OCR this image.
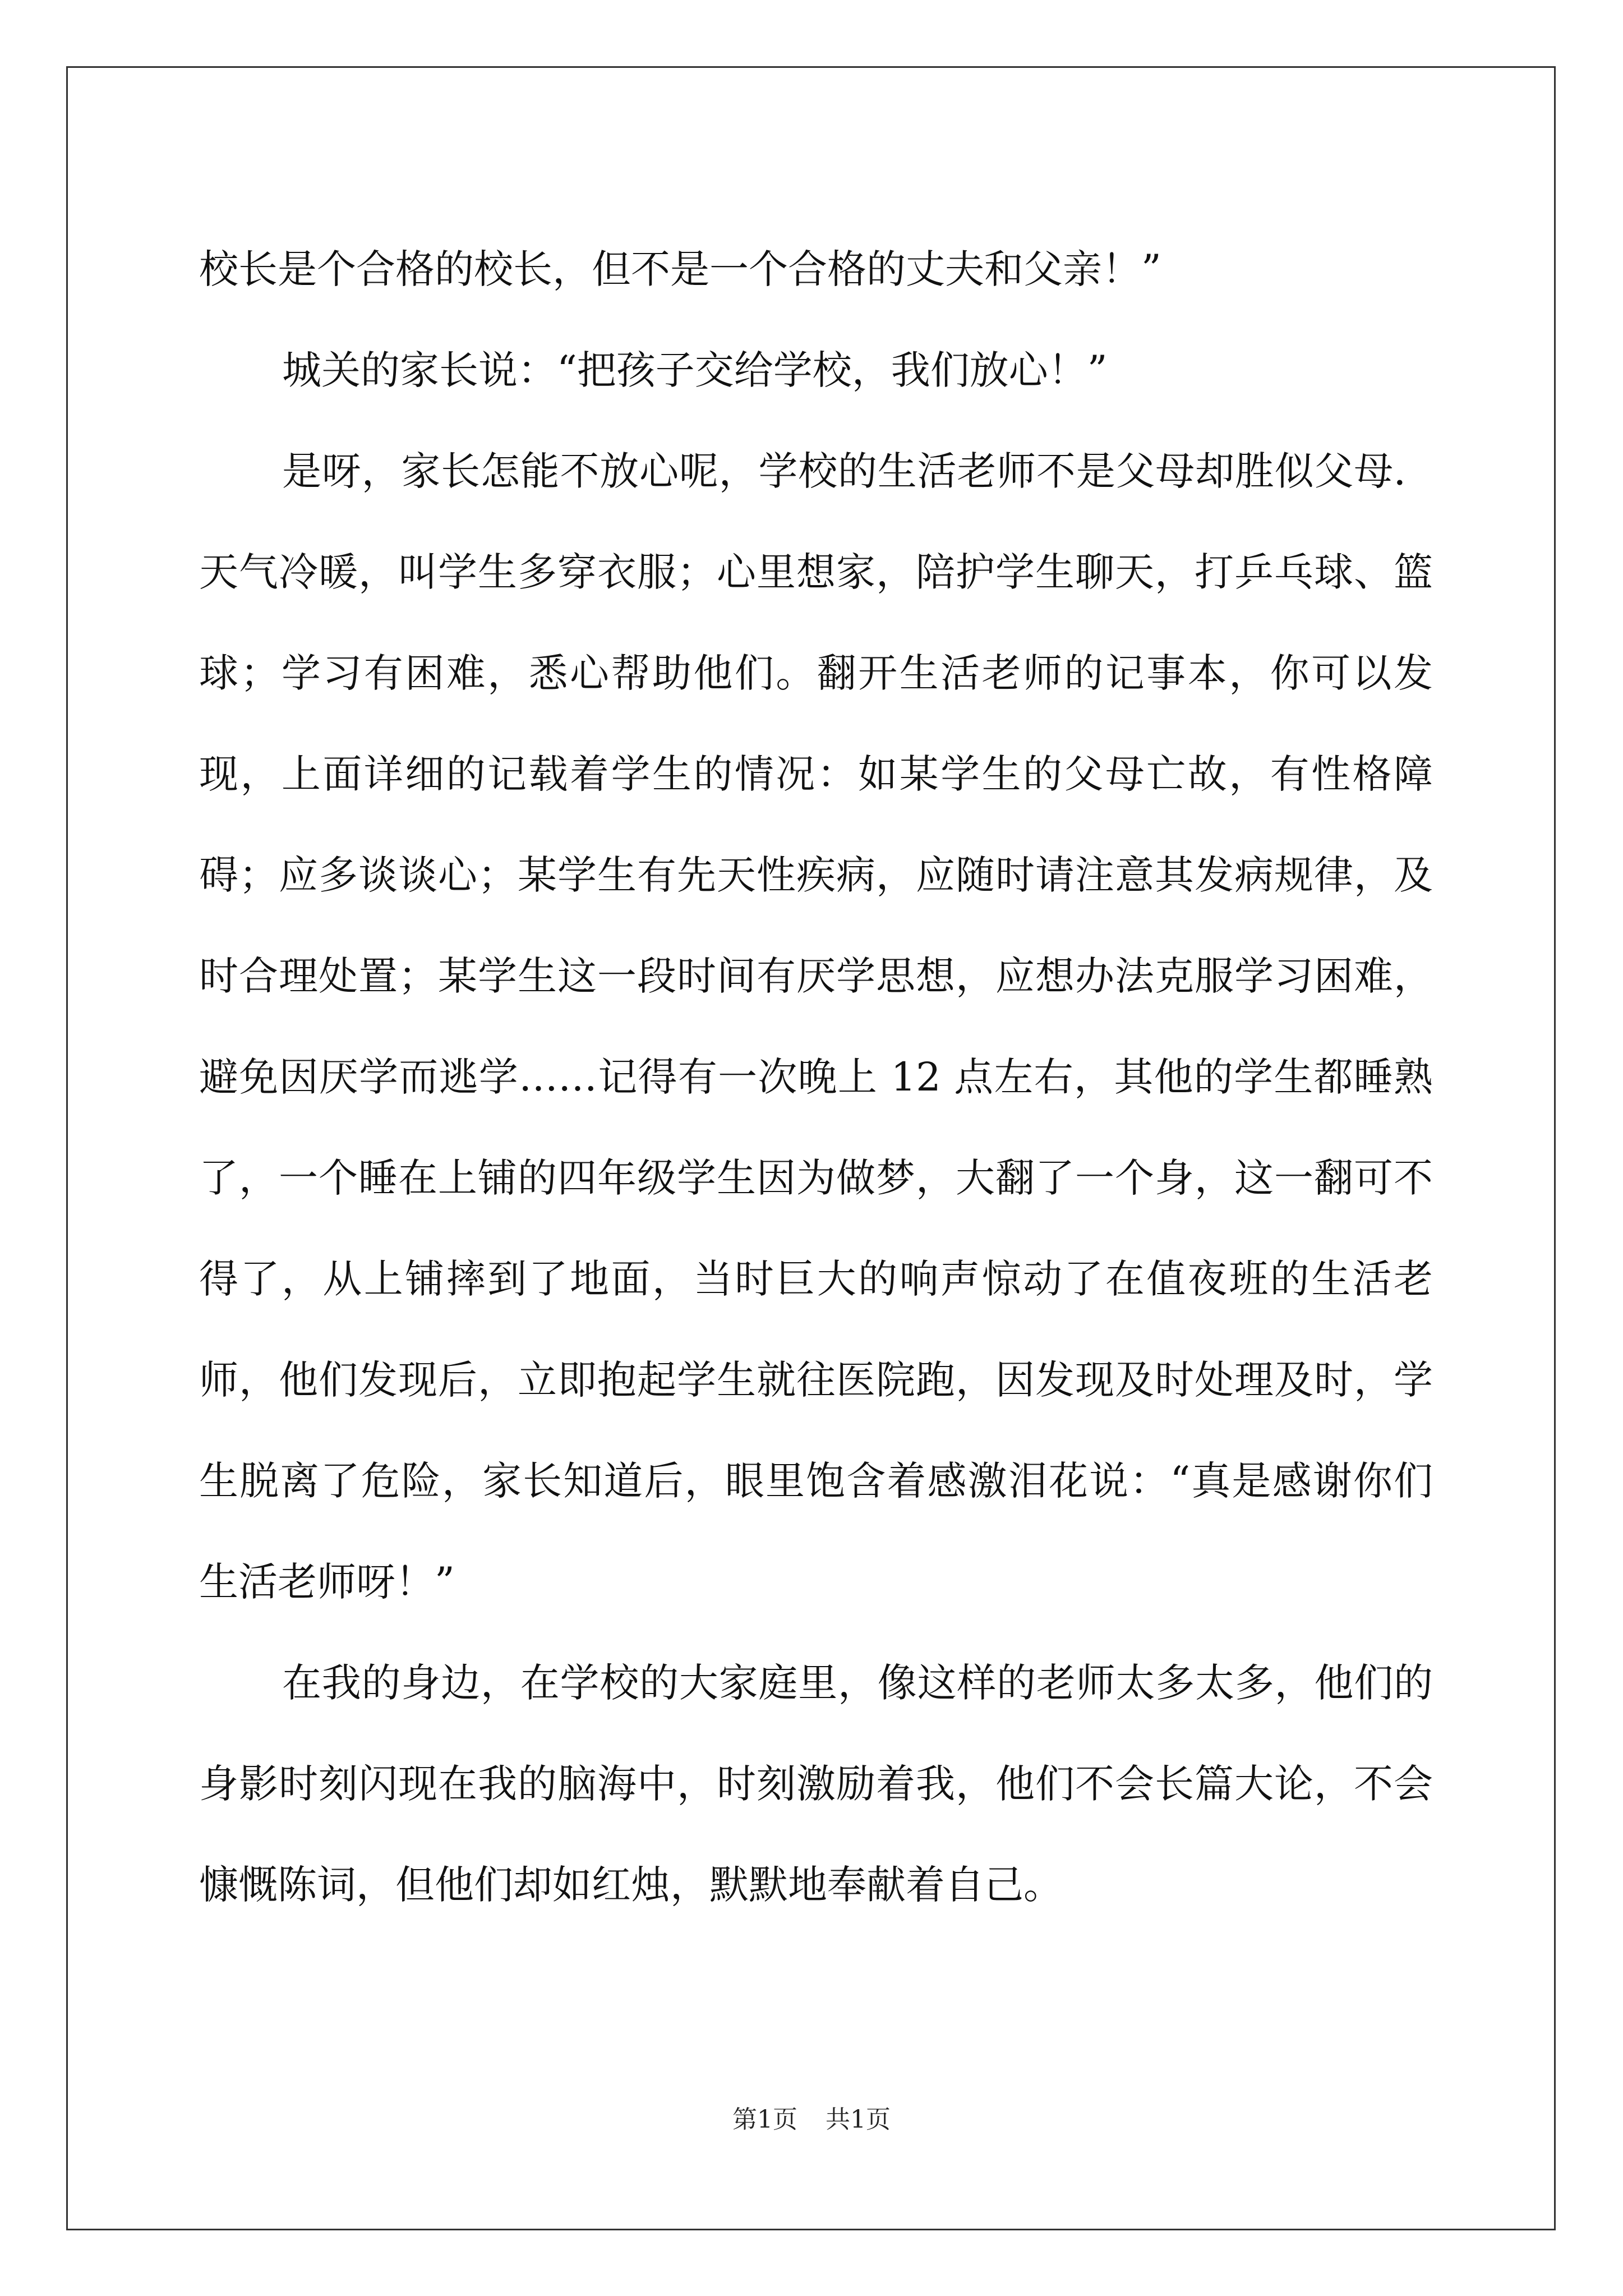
校长是个合格的校长，但不是一个合格的丈夫和父亲！”

城关的家长说：“把孩子交给学校，我们放心！”

是呀，家长怎能不放心呢，学校的生活老师不是父母却胜似父母．天气冷暖，叫学生多穿衣服；心里想家，陪护学生聊天，打乒乓球、篮球；学习有困难，悉心帮助他们。翻开生活老师的记事本，你可以发现，上面详细的记载着学生的情况：如某学生的父母亡故，有性格障碍；应多谈谈心；某学生有先天性疾病，应随时请注意其发病规律，及时合理处置；某学生这一段时间有厌学思想，应想办法克服学习困难，避免因厌学而逃学……记得有一次晚上 12 点左右，其他的学生都睡熟了，一个睡在上铺的四年级学生因为做梦，大翻了一个身，这一翻可不得了，从上铺摔到了地面，当时巨大的响声惊动了在值夜班的生活老师，他们发现后，立即抱起学生就往医院跑，因发现及时处理及时，学生脱离了危险，家长知道后，眼里饱含着感激泪花说：“真是感谢你们生活老师呀！”

在我的身边，在学校的大家庭里，像这样的老师太多太多，他们的身影时刻闪现在我的脑海中，时刻激励着我，他们不会长篇大论，不会慷慨陈词，但他们却如红烛，默默地奉献着自己。

第1页 共1页
